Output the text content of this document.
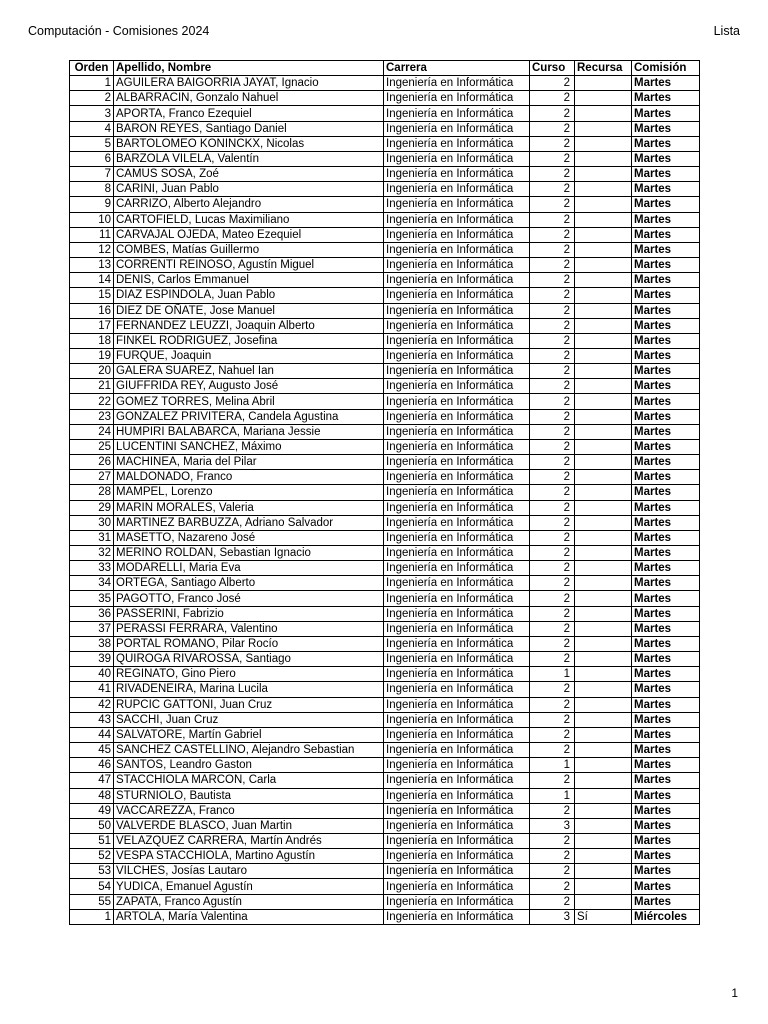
Computación - Comisiones 2024	Lista
Orden	Apellido, Nombre	Carrera	Curso	Recursa	Comisión
1	AGUILERA BAIGORRIA JAYAT, Ignacio	Ingeniería en Informática	2		Martes
2	ALBARRACIN, Gonzalo Nahuel	Ingeniería en Informática	2		Martes
3	APORTA, Franco Ezequiel	Ingeniería en Informática	2		Martes
4	BARON REYES, Santiago Daniel	Ingeniería en Informática	2		Martes
5	BARTOLOMEO KONINCKX, Nicolas	Ingeniería en Informática	2		Martes
6	BARZOLA VILELA, Valentín	Ingeniería en Informática	2		Martes
7	CAMUS SOSA, Zoé	Ingeniería en Informática	2		Martes
8	CARINI, Juan Pablo	Ingeniería en Informática	2		Martes
9	CARRIZO, Alberto Alejandro	Ingeniería en Informática	2		Martes
10	CARTOFIELD, Lucas Maximiliano	Ingeniería en Informática	2		Martes
11	CARVAJAL OJEDA, Mateo Ezequiel	Ingeniería en Informática	2		Martes
12	COMBES, Matías Guillermo	Ingeniería en Informática	2		Martes
13	CORRENTI REINOSO, Agustín Miguel	Ingeniería en Informática	2		Martes
14	DENIS, Carlos Emmanuel	Ingeniería en Informática	2		Martes
15	DIAZ ESPINDOLA, Juan Pablo	Ingeniería en Informática	2		Martes
16	DIEZ DE OÑATE, Jose Manuel	Ingeniería en Informática	2		Martes
17	FERNANDEZ LEUZZI, Joaquin Alberto	Ingeniería en Informática	2		Martes
18	FINKEL RODRIGUEZ, Josefina	Ingeniería en Informática	2		Martes
19	FURQUE, Joaquin	Ingeniería en Informática	2		Martes
20	GALERA SUAREZ, Nahuel Ian	Ingeniería en Informática	2		Martes
21	GIUFFRIDA REY, Augusto José	Ingeniería en Informática	2		Martes
22	GOMEZ TORRES, Melina Abril	Ingeniería en Informática	2		Martes
23	GONZALEZ PRIVITERA, Candela Agustina	Ingeniería en Informática	2		Martes
24	HUMPIRI BALABARCA, Mariana Jessie	Ingeniería en Informática	2		Martes
25	LUCENTINI SANCHEZ, Máximo	Ingeniería en Informática	2		Martes
26	MACHINEA, Maria del Pilar	Ingeniería en Informática	2		Martes
27	MALDONADO, Franco	Ingeniería en Informática	2		Martes
28	MAMPEL, Lorenzo	Ingeniería en Informática	2		Martes
29	MARIN MORALES, Valeria	Ingeniería en Informática	2		Martes
30	MARTINEZ BARBUZZA, Adriano Salvador	Ingeniería en Informática	2		Martes
31	MASETTO, Nazareno José	Ingeniería en Informática	2		Martes
32	MERINO ROLDAN, Sebastian Ignacio	Ingeniería en Informática	2		Martes
33	MODARELLI, Maria Eva	Ingeniería en Informática	2		Martes
34	ORTEGA, Santiago Alberto	Ingeniería en Informática	2		Martes
35	PAGOTTO, Franco José	Ingeniería en Informática	2		Martes
36	PASSERINI, Fabrizio	Ingeniería en Informática	2		Martes
37	PERASSI FERRARA, Valentino	Ingeniería en Informática	2		Martes
38	PORTAL ROMANO, Pilar Rocío	Ingeniería en Informática	2		Martes
39	QUIROGA RIVAROSSA, Santiago	Ingeniería en Informática	2		Martes
40	REGINATO, Gino Piero	Ingeniería en Informática	1		Martes
41	RIVADENEIRA, Marina Lucila	Ingeniería en Informática	2		Martes
42	RUPCIC GATTONI, Juan Cruz	Ingeniería en Informática	2		Martes
43	SACCHI, Juan Cruz	Ingeniería en Informática	2		Martes
44	SALVATORE, Martín Gabriel	Ingeniería en Informática	2		Martes
45	SANCHEZ CASTELLINO, Alejandro Sebastian	Ingeniería en Informática	2		Martes
46	SANTOS, Leandro Gaston	Ingeniería en Informática	1		Martes
47	STACCHIOLA MARCON, Carla	Ingeniería en Informática	2		Martes
48	STURNIOLO, Bautista	Ingeniería en Informática	1		Martes
49	VACCAREZZA, Franco	Ingeniería en Informática	2		Martes
50	VALVERDE BLASCO, Juan Martin	Ingeniería en Informática	3		Martes
51	VELAZQUEZ CARRERA, Martín Andrés	Ingeniería en Informática	2		Martes
52	VESPA STACCHIOLA, Martino Agustín	Ingeniería en Informática	2		Martes
53	VILCHES, Josías Lautaro	Ingeniería en Informática	2		Martes
54	YUDICA, Emanuel Agustín	Ingeniería en Informática	2		Martes
55	ZAPATA, Franco Agustín	Ingeniería en Informática	2		Martes
1	ARTOLA, María Valentina	Ingeniería en Informática	3	Sí	Miércoles
1
